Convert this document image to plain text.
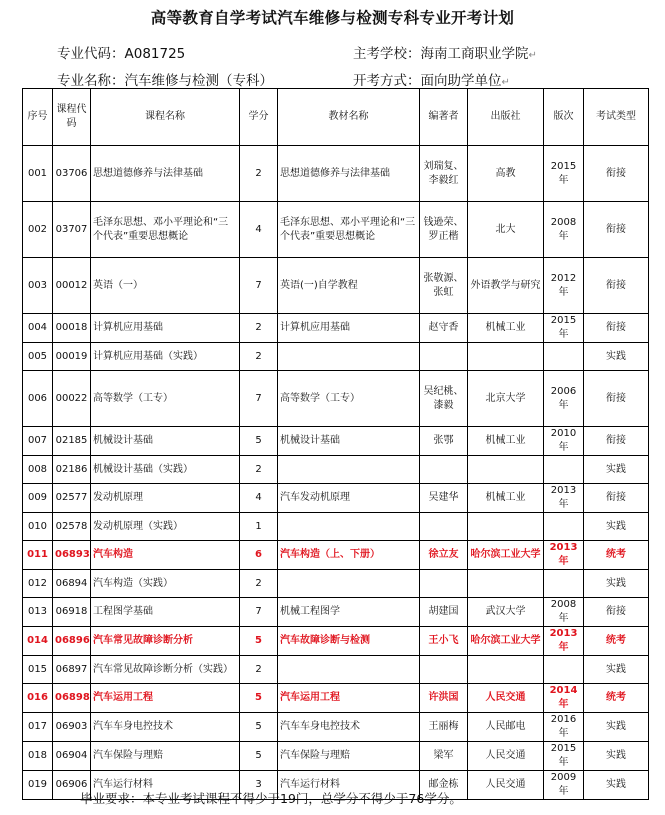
高等教育自学考试汽车维修与检测专科专业开考计划
专业代码：A081725	主考学校：海南工商职业学院↵
专业名称：汽车维修与检测（专科）	开考方式：面向助学单位↵
序号	课程代码	课程名称	学分	教材名称	编著者	出版社	版次	考试类型
001	03706	思想道德修养与法律基础	2	思想道德修养与法律基础	刘瑞复、李毅红	高教	2015年	衔接
002	03707	毛泽东思想、邓小平理论和“三个代表”重要思想概论	4	毛泽东思想、邓小平理论和“三个代表”重要思想概论	钱逊荣、罗正楷	北大	2008年	衔接
003	00012	英语（一）	7	英语(一)自学教程	张敬源、张虹	外语教学与研究	2012年	衔接
004	00018	计算机应用基础	2	计算机应用基础	赵守香	机械工业	2015年	衔接
005	00019	计算机应用基础（实践）	2					实践
006	00022	高等数学（工专）	7	高等数学（工专）	吴纪桃、漆毅	北京大学	2006年	衔接
007	02185	机械设计基础	5	机械设计基础	张鄂	机械工业	2010年	衔接
008	02186	机械设计基础（实践）	2					实践
009	02577	发动机原理	4	汽车发动机原理	吴建华	机械工业	2013年	衔接
010	02578	发动机原理（实践）	1					实践
011	06893	汽车构造	6	汽车构造（上、下册）	徐立友	哈尔滨工业大学	2013年	统考
012	06894	汽车构造（实践）	2					实践
013	06918	工程图学基础	7	机械工程图学	胡建国	武汉大学	2008年	衔接
014	06896	汽车常见故障诊断分析	5	汽车故障诊断与检测	王小飞	哈尔滨工业大学	2013年	统考
015	06897	汽车常见故障诊断分析（实践）	2					实践
016	06898	汽车运用工程	5	汽车运用工程	许洪国	人民交通	2014年	统考
017	06903	汽车车身电控技术	5	汽车车身电控技术	王丽梅	人民邮电	2016年	实践
018	06904	汽车保险与理赔	5	汽车保险与理赔	梁军	人民交通	2015年	实践
019	06906	汽车运行材料	3	汽车运行材料	邮金栋	人民交通	2009年	实践
毕业要求：本专业考试课程不得少于19门，总学分不得少于76学分。
